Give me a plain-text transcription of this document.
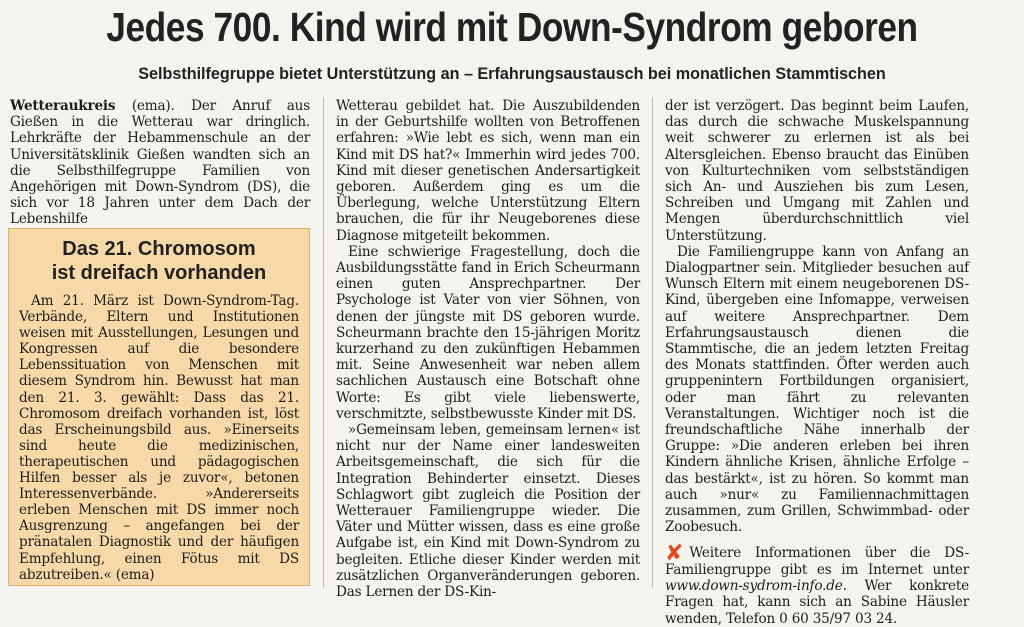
Jedes 700. Kind wird mit Down-Syndrom geboren
Selbsthilfegruppe bietet Unterstützung an – Erfahrungsaustausch bei monatlichen Stammtischen

Wetteraukreis (ema). Der Anruf aus Gießen in die Wetterau war dringlich. Lehrkräfte der Hebammenschule an der Universitätsklinik Gießen wandten sich an die Selbsthilfegruppe Familien von Angehörigen mit Down-Syndrom (DS), die sich vor 18 Jahren unter dem Dach der Lebenshilfe

Das 21. Chromosom
ist dreifach vorhanden

Am 21. März ist Down-Syndrom-Tag. Verbände, Eltern und Institutionen weisen mit Ausstellungen, Lesungen und Kongressen auf die besondere Lebenssituation von Menschen mit diesem Syndrom hin. Bewusst hat man den 21. 3. gewählt: Dass das 21. Chromosom dreifach vorhanden ist, löst das Erscheinungsbild aus. »Einerseits sind heute die medizinischen, therapeutischen und pädagogischen Hilfen besser als je zuvor«, betonen Interessenverbände. »Andererseits erleben Menschen mit DS immer noch Ausgrenzung – angefangen bei der pränatalen Diagnostik und der häufigen Empfehlung, einen Fötus mit DS abzutreiben.« (ema)

Wetterau gebildet hat. Die Auszubildenden in der Geburtshilfe wollten von Betroffenen erfahren: »Wie lebt es sich, wenn man ein Kind mit DS hat?« Immerhin wird jedes 700. Kind mit dieser genetischen Andersartigkeit geboren. Außerdem ging es um die Überlegung, welche Unterstützung Eltern brauchen, die für ihr Neugeborenes diese Diagnose mitgeteilt bekommen.

Eine schwierige Fragestellung, doch die Ausbildungsstätte fand in Erich Scheurmann einen guten Ansprechpartner. Der Psychologe ist Vater von vier Söhnen, von denen der jüngste mit DS geboren wurde. Scheurmann brachte den 15-jährigen Moritz kurzerhand zu den zukünftigen Hebammen mit. Seine Anwesenheit war neben allem sachlichen Austausch eine Botschaft ohne Worte: Es gibt viele liebenswerte, verschmitzte, selbstbewusste Kinder mit DS.

»Gemeinsam leben, gemeinsam lernen« ist nicht nur der Name einer landesweiten Arbeitsgemeinschaft, die sich für die Integration Behinderter einsetzt. Dieses Schlagwort gibt zugleich die Position der Wetterauer Familiengruppe wieder. Die Väter und Mütter wissen, dass es eine große Aufgabe ist, ein Kind mit Down-Syndrom zu begleiten. Etliche dieser Kinder werden mit zusätzlichen Organveränderungen geboren. Das Lernen der DS-Kin-

der ist verzögert. Das beginnt beim Laufen, das durch die schwache Muskelspannung weit schwerer zu erlernen ist als bei Altersgleichen. Ebenso braucht das Einüben von Kulturtechniken vom selbstständigen sich An- und Ausziehen bis zum Lesen, Schreiben und Umgang mit Zahlen und Mengen überdurchschnittlich viel Unterstützung.

Die Familiengruppe kann von Anfang an Dialogpartner sein. Mitglieder besuchen auf Wunsch Eltern mit einem neugeborenen DS-Kind, übergeben eine Infomappe, verweisen auf weitere Ansprechpartner. Dem Erfahrungsaustausch dienen die Stammtische, die an jedem letzten Freitag des Monats stattfinden. Öfter werden auch gruppenintern Fortbildungen organisiert, oder man fährt zu relevanten Veranstaltungen. Wichtiger noch ist die freundschaftliche Nähe innerhalb der Gruppe: »Die anderen erleben bei ihren Kindern ähnliche Krisen, ähnliche Erfolge – das bestärkt«, ist zu hören. So kommt man auch »nur« zu Familiennachmittagen zusammen, zum Grillen, Schwimmbad- oder Zoobesuch.

✘ Weitere Informationen über die DS-Familiengruppe gibt es im Internet unter www.down-sydrom-info.de. Wer konkrete Fragen hat, kann sich an Sabine Häusler wenden, Telefon 0 60 35/97 03 24.
